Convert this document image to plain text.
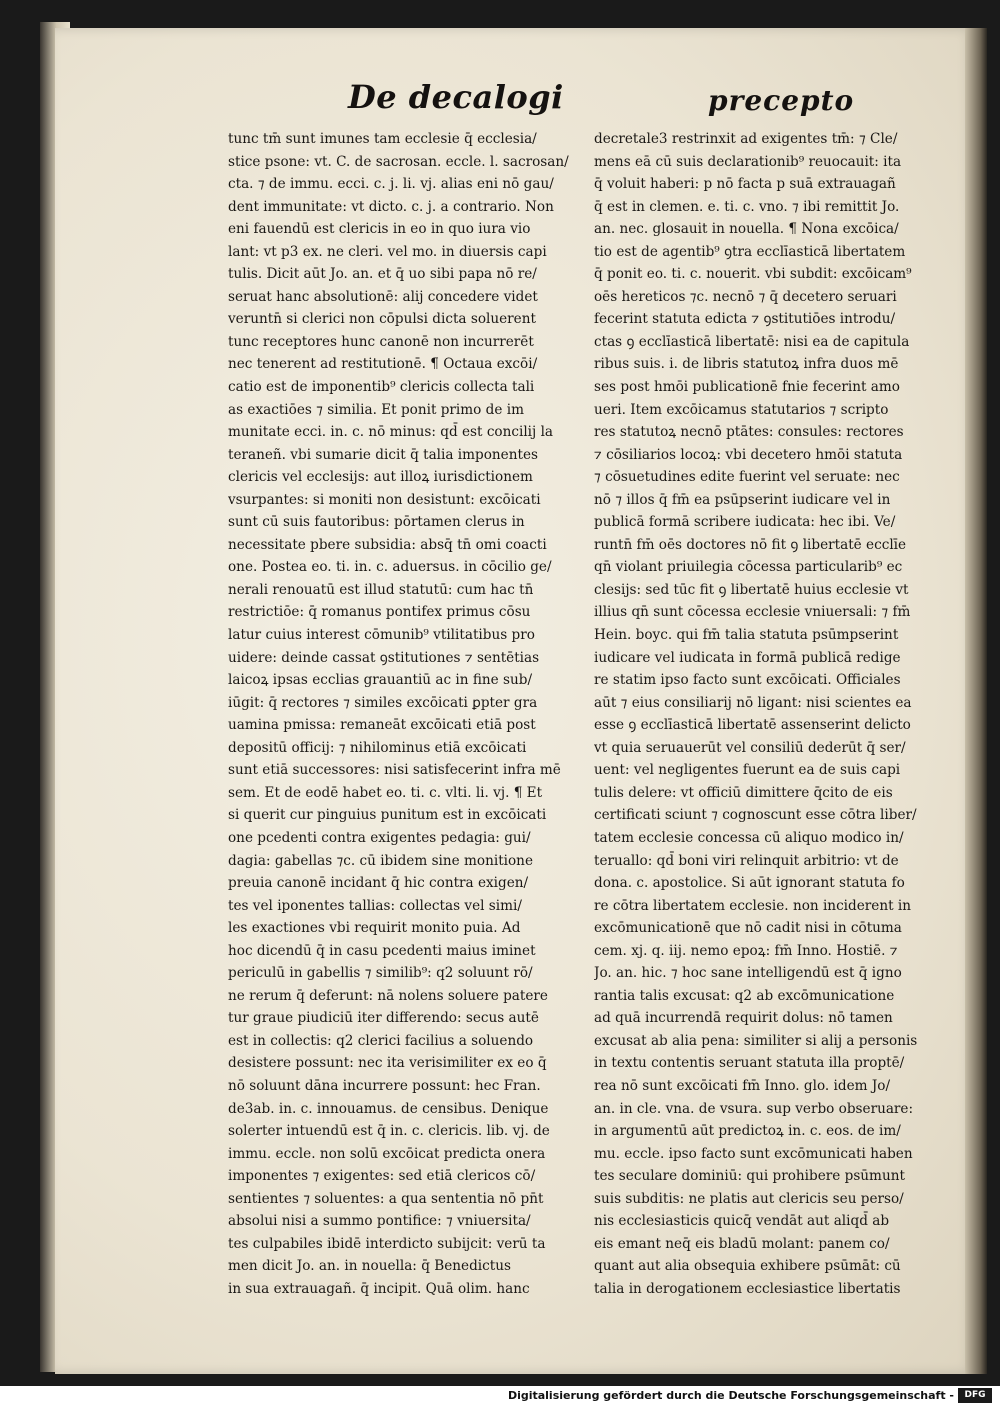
De decalogi	precepto
tunc tm̄ sunt imunes tam ecclesie q̄ ecclesia/
stice psone: vt. C. de sacrosan. eccle. l. sacrosan/
cta. ⁊ de immu. ecci. c. j. li. vj. alias eni nō gau/
dent immunitate: vt dicto. c. j. a contrario. Non
eni fauendū est clericis in eo in quo iura vio
lant: vt p3 ex. ne cleri. vel mo. in diuersis capi
tulis. Dicit aūt Jo. an. et q̄ uo sibi papa nō re/
seruat hanc absolutionē: alij concedere videt
veruntn̄ si clerici non cōpulsi dicta soluerent
tunc receptores hunc canonē non incurrerēt
nec tenerent ad restitutionē. ¶ Octaua excōi/
catio est de imponentib⁹ clericis collecta tali
as exactiōes ⁊ similia. Et ponit primo de im
munitate ecci. in. c. nō minus: qd̄ est concilij la
teraneñ. vbi sumarie dicit q̄ talia imponentes
clericis vel ecclesijs: aut illoꝝ iurisdictionem
vsurpantes: si moniti non desistunt: excōicati
sunt cū suis fautoribus: pōrtamen clerus in
necessitate pbere subsidia: absq̄ tn̄ omi coacti
one. Postea eo. ti. in. c. aduersus. in cōcilio ge/
nerali renouatū est illud statutū: cum hac tn̄
restrictiōe: q̄ romanus pontifex primus cōsu
latur cuius interest cōmunib⁹ vtilitatibus pro
uidere: deinde cassat ꝯstitutiones ⁊ sentētias
laicoꝝ ipsas ecclias grauantiū ac in fine sub/
iūgit: q̄ rectores ⁊ similes excōicati ꝑpter gra
uamina pmissa: remaneāt excōicati etiā post
depositū officij: ⁊ nihilominus etiā excōicati
sunt etiā successores: nisi satisfecerint infra mē
sem. Et de eodē habet eo. ti. c. vlti. li. vj. ¶ Et
si querit cur pinguius punitum est in excōicati
one pcedenti contra exigentes pedagia: gui/
dagia: gabellas ⁊c. cū ibidem sine monitione
preuia canonē incidant q̄ hic contra exigen/
tes vel iponentes tallias: collectas vel simi/
les exactiones vbi requirit monito puia. Ad
hoc dicendū q̄ in casu pcedenti maius iminet
periculū in gabellis ⁊ similib⁹: q2 soluunt rō/
ne rerum q̄ deferunt: nā nolens soluere patere
tur graue piudiciū iter differendo: secus autē
est in collectis: q2 clerici facilius a soluendo
desistere possunt: nec ita verisimiliter ex eo q̄
nō soluunt dāna incurrere possunt: hec Fran.
de3ab. in. c. innouamus. de censibus. Denique
solerter intuendū est q̄ in. c. clericis. lib. vj. de
immu. eccle. non solū excōicat predicta onera
imponentes ⁊ exigentes: sed etiā clericos cō/
sentientes ⁊ soluentes: a qua sententia nō pn̄t
absolui nisi a summo pontifice: ⁊ vniuersita/
tes culpabiles ibidē interdicto subijcit: verū ta
men dicit Jo. an. in nouella: q̄ Benedictus
in sua extrauagañ. q̄ incipit. Quā olim. hanc
decretale3 restrinxit ad exigentes tm̄: ⁊ Cle/
mens eā cū suis declarationib⁹ reuocauit: ita
q̄ voluit haberi: p nō facta p suā extrauagañ
q̄ est in clemen. e. ti. c. vno. ⁊ ibi remittit Jo.
an. nec. glosauit in nouella. ¶ Nona excōica/
tio est de agentib⁹ ꝯtra ecclīasticā libertatem
q̄ ponit eo. ti. c. nouerit. vbi subdit: excōicam⁹
oēs hereticos ⁊c. necnō ⁊ q̄ decetero seruari
fecerint statuta edicta ⁊ ꝯstitutiōes introdu/
ctas ꝯ ecclīasticā libertatē: nisi ea de capitula
ribus suis. i. de libris statutoꝝ infra duos mē
ses post hmōi publicationē fnie fecerint amo
ueri. Item excōicamus statutarios ⁊ scripto
res statutoꝝ necnō ptātes: consules: rectores
⁊ cōsiliarios locoꝝ: vbi decetero hmōi statuta
⁊ cōsuetudines edite fuerint vel seruate: nec
nō ⁊ illos q̄ fm̄ ea psūpserint iudicare vel in
publicā formā scribere iudicata: hec ibi. Ve/
runtn̄ fm̄ oēs doctores nō fit ꝯ libertatē ecclīe
qn̄ violant priuilegia cōcessa particularib⁹ ec
clesijs: sed tūc fit ꝯ libertatē huius ecclesie vt
illius qn̄ sunt cōcessa ecclesie vniuersali: ⁊ fm̄
Hein. boyc. qui fm̄ talia statuta psūmpserint
iudicare vel iudicata in formā publicā redige
re statim ipso facto sunt excōicati. Officiales
aūt ⁊ eius consiliarij nō ligant: nisi scientes ea
esse ꝯ ecclīasticā libertatē assenserint delicto
vt quia seruauerūt vel consiliū dederūt q̄ ser/
uent: vel negligentes fuerunt ea de suis capi
tulis delere: vt officiū dimittere q̄cito de eis
certificati sciunt ⁊ cognoscunt esse cōtra liber/
tatem ecclesie concessa cū aliquo modico in/
teruallo: qd̄ boni viri relinquit arbitrio: vt de
dona. c. apostolice. Si aūt ignorant statuta fo
re cōtra libertatem ecclesie. non inciderent in
excōmunicationē que nō cadit nisi in cōtuma
cem. xj. q. iij. nemo epoꝝ: fm̄ Inno. Hostiē. ⁊
Jo. an. hic. ⁊ hoc sane intelligendū est q̄ igno
rantia talis excusat: q2 ab excōmunicatione
ad quā incurrendā requirit dolus: nō tamen
excusat ab alia pena: similiter si alij a personis
in textu contentis seruant statuta illa proptē/
rea nō sunt excōicati fm̄ Inno. glo. idem Jo/
an. in cle. vna. de vsura. sup verbo obseruare:
in argumentū aūt predictoꝝ in. c. eos. de im/
mu. eccle. ipso facto sunt excōmunicati haben
tes seculare dominiū: qui prohibere psūmunt
suis subditis: ne platis aut clericis seu perso/
nis ecclesiasticis quicq̄ vendāt aut aliqd̄ ab
eis emant neq̄ eis bladū molant: panem co/
quant aut alia obsequia exhibere psūmāt: cū
talia in derogationem ecclesiastice libertatis
Digitalisierung gefördert durch die Deutsche Forschungsgemeinschaft -	DFG
